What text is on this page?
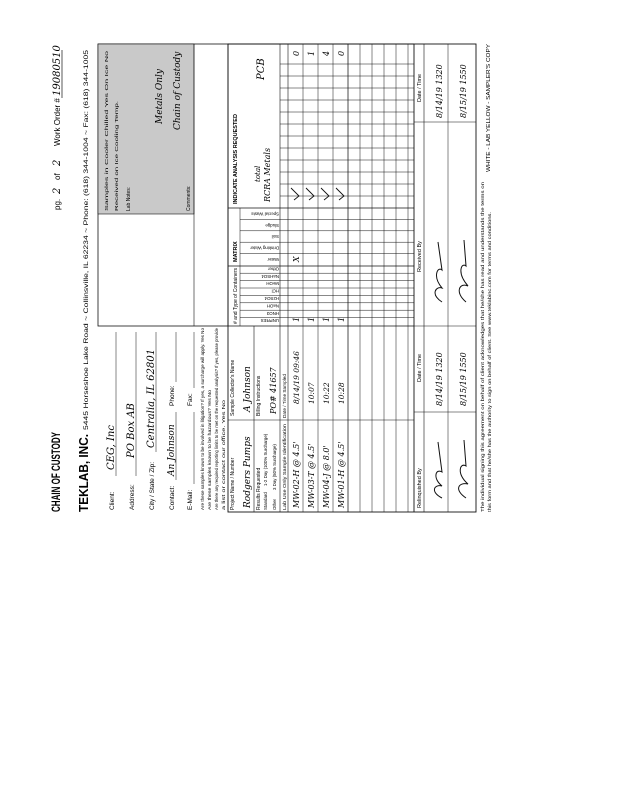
CHAIN OF CUSTODY
pg.
2
of
2
Work Order #
19080510
TEKLAB, INC.
5445 Horseshoe Lake Road ~ Collinsville, IL 62234 ~ Phone: (618) 344-1004 ~ Fax: (618) 344-1005
Client:
CEG, Inc
Address:
PO Box AB
City / State / Zip:
Centralia, IL 62801
Contact:
An Johnson
Phone:
E-Mail:
Fax: Are these samples known to be involved in litigation? If yes, a surcharge will apply. Yes No Are these samples known to be hazardous? Yes No Are there any required reporting limits to be met on the requested analysis? If yes, please provide a list or contact our office. Yes No
Samples in Cooler Chilled Yes On Ice No Received on Ice Cooling Temp. Lab Notes:
Metals Only Chain of Custody
Comments:
Project Name / Number Rodgers Pumps
Sample Collector's Name A Johnson
Results Requested
Billing Instructions
Standard
1-2 Day (100% Surcharge)
Other
3 Day (50% Surcharge)
PO# 41657
# and Type of Containers
MATRIX
INDICATE ANALYSIS REQUESTED
UNPRES
HNO3
NaOH
H2SO4
HCl
MeOH
NaHSO4
Other
Water
Drinking Water
Soil
Sludge
Special Waste
RCRA Metals
total
PCB
Lab Use Only Sample Identification
Date / Time Sampled
MW-02-H @ 4.5'
8/14/19 09:46
1
X
0
MW-03-T @ 4.5'
10:07
1
1
MW-04-J @ 8.0'
10:22
1
4
MW-01-H @ 4.5'
10:28
1
0
Relinquished By
Date / Time
Received By
Date / Time
8/14/19 1320 8/15/19 1550
8/14/19 1320 8/15/19 1550
The individual signing this agreement on behalf of client acknowledges that he/she has read and understands the terms on this form and that he/she has the authority to sign on behalf of client. See www.teklabinc.com for terms and conditions.
WHITE - LAB YELLOW - SAMPLER'S COPY
